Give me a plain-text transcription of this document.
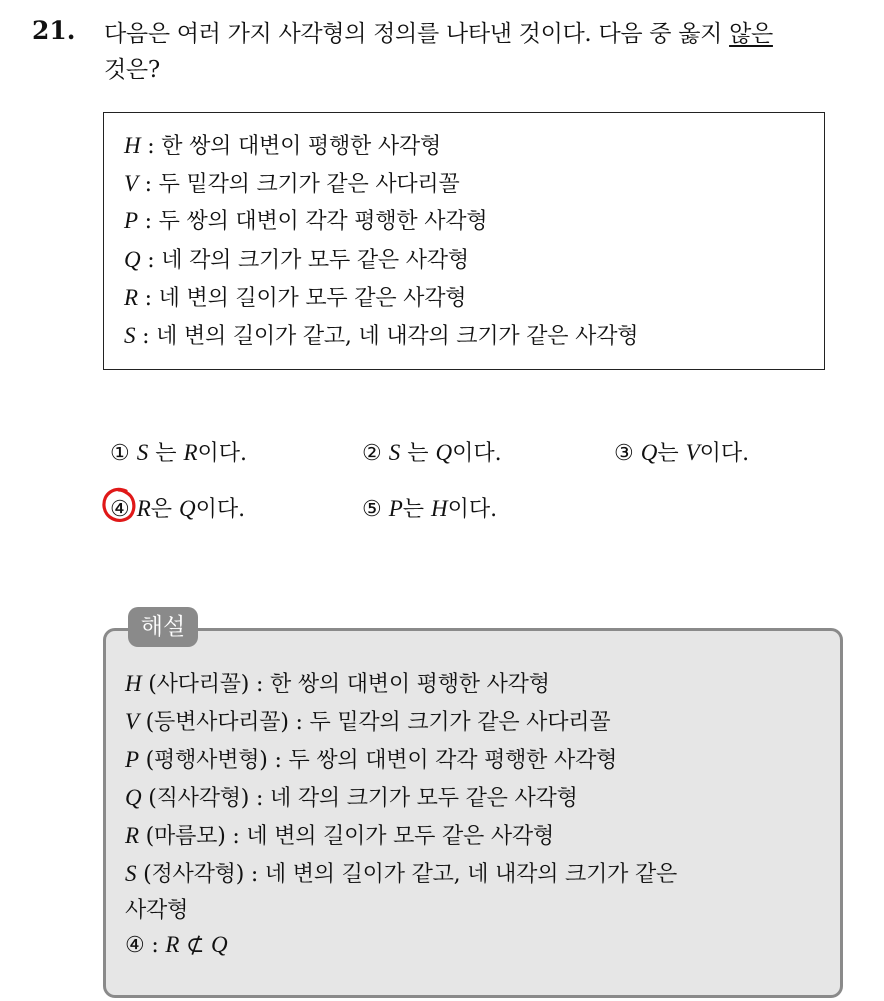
21. 다음은 여러 가지 사각형의 정의를 나타낸 것이다. 다음 중 옳지 않은
것은?
H : 한 쌍의 대변이 평행한 사각형
V : 두 밑각의 크기가 같은 사다리꼴
P : 두 쌍의 대변이 각각 평행한 사각형
Q : 네 각의 크기가 모두 같은 사각형
R : 네 변의 길이가 모두 같은 사각형
S : 네 변의 길이가 같고, 네 내각의 크기가 같은 사각형
① S 는 R이다.	② S 는 Q이다.	③ Q는 V이다.
④ R은 Q이다.	⑤ P는 H이다.
해설
H (사다리꼴) : 한 쌍의 대변이 평행한 사각형
V (등변사다리꼴) : 두 밑각의 크기가 같은 사다리꼴
P (평행사변형) : 두 쌍의 대변이 각각 평행한 사각형
Q (직사각형) : 네 각의 크기가 모두 같은 사각형
R (마름모) : 네 변의 길이가 모두 같은 사각형
S (정사각형) : 네 변의 길이가 같고, 네 내각의 크기가 같은
사각형
④ : R ⊄ Q
